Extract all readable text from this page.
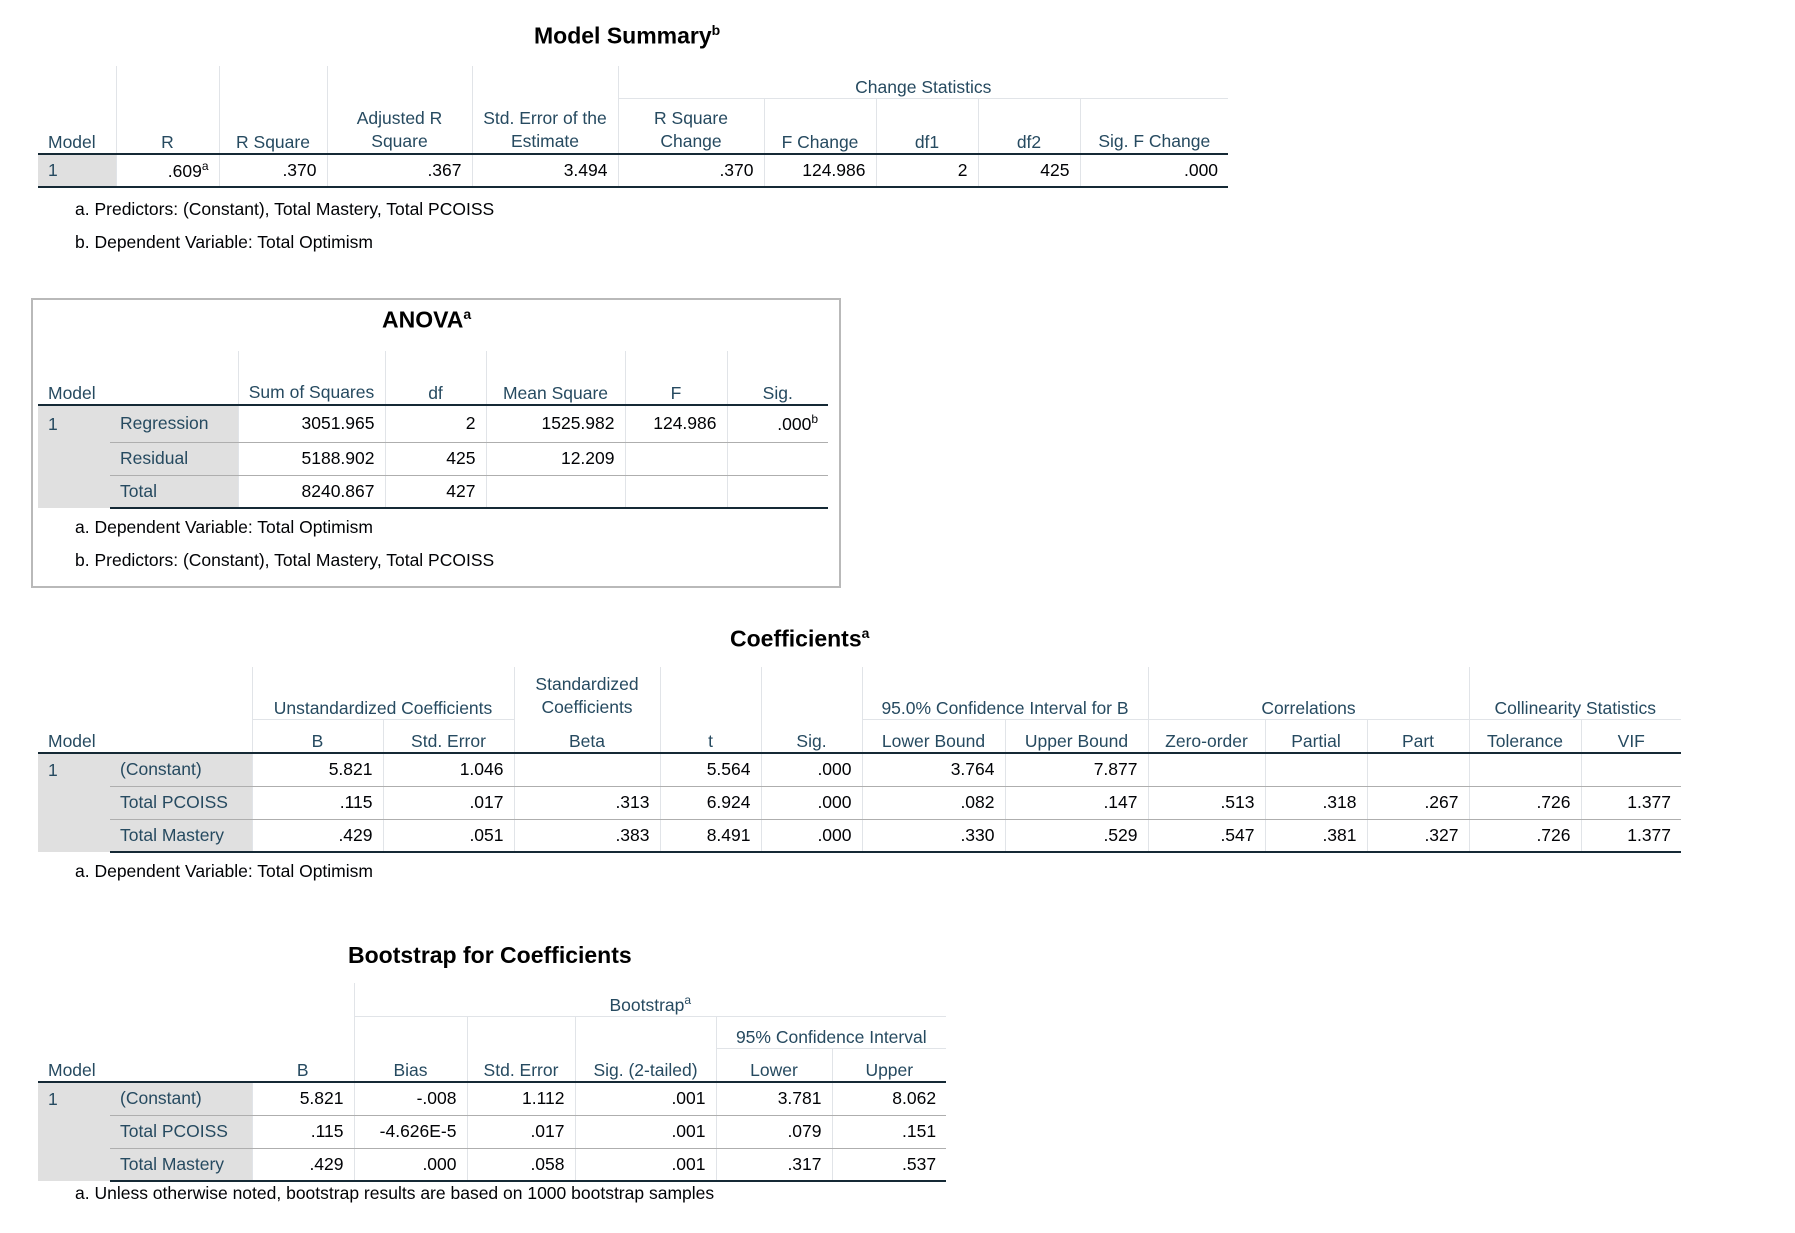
Model Summary$^b$
					Change Statistics				
Model	R	R Square	Adjusted R Square	Std. Error of the Estimate	R Square Change	F Change	df1	df2	Sig. F Change
1	.609$^a$	.370	.367	3.494	.370	124.986	2	425	.000
a. Predictors: (Constant), Total Mastery, Total PCOISS
b. Dependent Variable: Total Optimism
ANOVA$^a$
Model		Sum of Squares	df	Mean Square	F	Sig.
1	Regression	3051.965	2	1525.982	124.986	.000$^b$
	Residual	5188.902	425	12.209		
	Total	8240.867	427			
a. Dependent Variable: Total Optimism
b. Predictors: (Constant), Total Mastery, Total PCOISS
Coefficients$^a$
		Unstandardized Coefficients		Standardized Coefficients			95.0% Confidence Interval for B		Correlations			Collinearity Statistics	
Model		B	Std. Error	Beta	t	Sig.	Lower Bound	Upper Bound	Zero-order	Partial	Part	Tolerance	VIF
1	(Constant)	5.821	1.046		5.564	.000	3.764	7.877					
	Total PCOISS	.115	.017	.313	6.924	.000	.082	.147	.513	.318	.267	.726	1.377
	Total Mastery	.429	.051	.383	8.491	.000	.330	.529	.547	.381	.327	.726	1.377
a. Dependent Variable: Total Optimism
Bootstrap for Coefficients
			Bootstrap$^a$
						95% Confidence Interval	
Model		B	Bias	Std. Error	Sig. (2-tailed)	Lower	Upper
1	(Constant)	5.821	-.008	1.112	.001	3.781	8.062
	Total PCOISS	.115	-4.626E-5	.017	.001	.079	.151
	Total Mastery	.429	.000	.058	.001	.317	.537
a. Unless otherwise noted, bootstrap results are based on 1000 bootstrap samples
